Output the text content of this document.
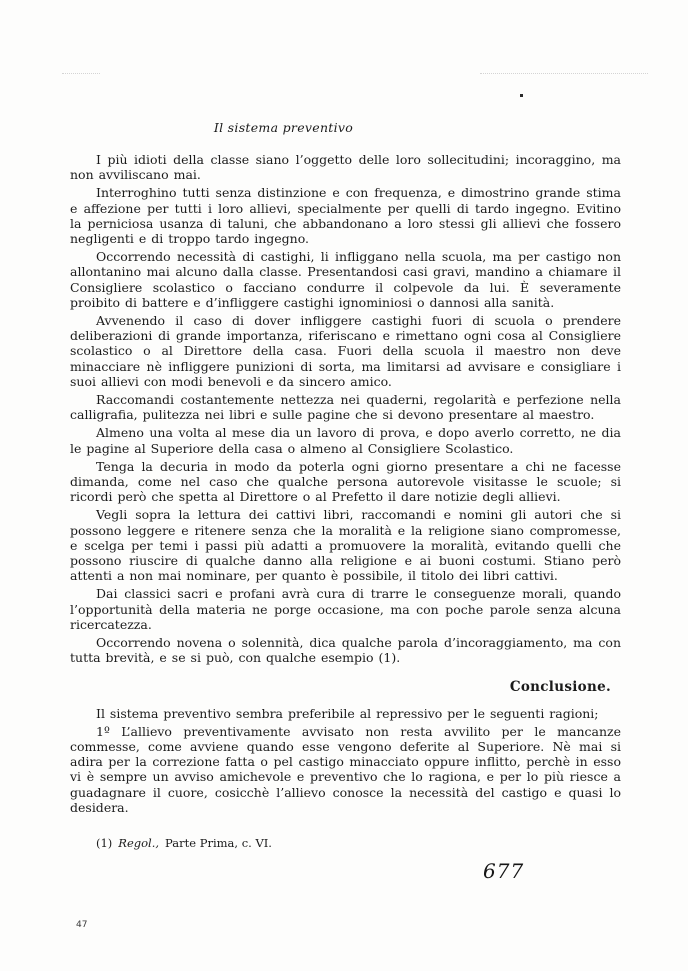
Il sistema preventivo

I più idioti della classe siano l’oggetto delle loro sollecitudini; incoraggino, ma non avviliscano mai.

Interroghino tutti senza distinzione e con frequenza, e dimostrino grande stima e affezione per tutti i loro allievi, specialmente per quelli di tardo ingegno. Evitino la perniciosa usanza di taluni, che abbandonano a loro stessi gli allievi che fossero negligenti e di troppo tardo ingegno.

Occorrendo necessità di castighi, li infliggano nella scuola, ma per castigo non allontanino mai alcuno dalla classe. Presentandosi casi gravi, mandino a chiamare il Consigliere scolastico o facciano condurre il colpevole da lui. È severamente proibito di battere e d’infliggere castighi ignominiosi o dannosi alla sanità.

Avvenendo il caso di dover infliggere castighi fuori di scuola o prendere deliberazioni di grande importanza, riferiscano e rimettano ogni cosa al Consigliere scolastico o al Direttore della casa. Fuori della scuola il maestro non deve minacciare nè infliggere punizioni di sorta, ma limitarsi ad avvisare e consigliare i suoi allievi con modi benevoli e da sincero amico.

Raccomandi costantemente nettezza nei quaderni, regolarità e perfezione nella calligrafia, pulitezza nei libri e sulle pagine che si devono presentare al maestro.

Almeno una volta al mese dia un lavoro di prova, e dopo averlo corretto, ne dia le pagine al Superiore della casa o almeno al Consigliere Scolastico.

Tenga la decuria in modo da poterla ogni giorno presentare a chi ne facesse dimanda, come nel caso che qualche persona autorevole visitasse le scuole; si ricordi però che spetta al Direttore o al Prefetto il dare notizie degli allievi.

Vegli sopra la lettura dei cattivi libri, raccomandi e nomini gli autori che si possono leggere e ritenere senza che la moralità e la religione siano compromesse, e scelga per temi i passi più adatti a promuovere la moralità, evitando quelli che possono riuscire di qualche danno alla religione e ai buoni costumi. Stiano però attenti a non mai nominare, per quanto è possibile, il titolo dei libri cattivi.

Dai classici sacri e profani avrà cura di trarre le conseguenze morali, quando l’opportunità della materia ne porge occasione, ma con poche parole senza alcuna ricercatezza.

Occorrendo novena o solennità, dica qualche parola d’incoraggiamento, ma con tutta brevità, e se si può, con qualche esempio (1).

Conclusione.

Il sistema preventivo sembra preferibile al repressivo per le seguenti ragioni;

1º L’allievo preventivamente avvisato non resta avvilito per le mancanze commesse, come avviene quando esse vengono deferite al Superiore. Nè mai si adira per la correzione fatta o pel castigo minacciato oppure inflitto, perchè in esso vi è sempre un avviso amichevole e preventivo che lo ragiona, e per lo più riesce a guadagnare il cuore, cosicchè l’allievo conosce la necessità del castigo e quasi lo desidera.

(1) Regol., Parte Prima, c. VI.
677
47
